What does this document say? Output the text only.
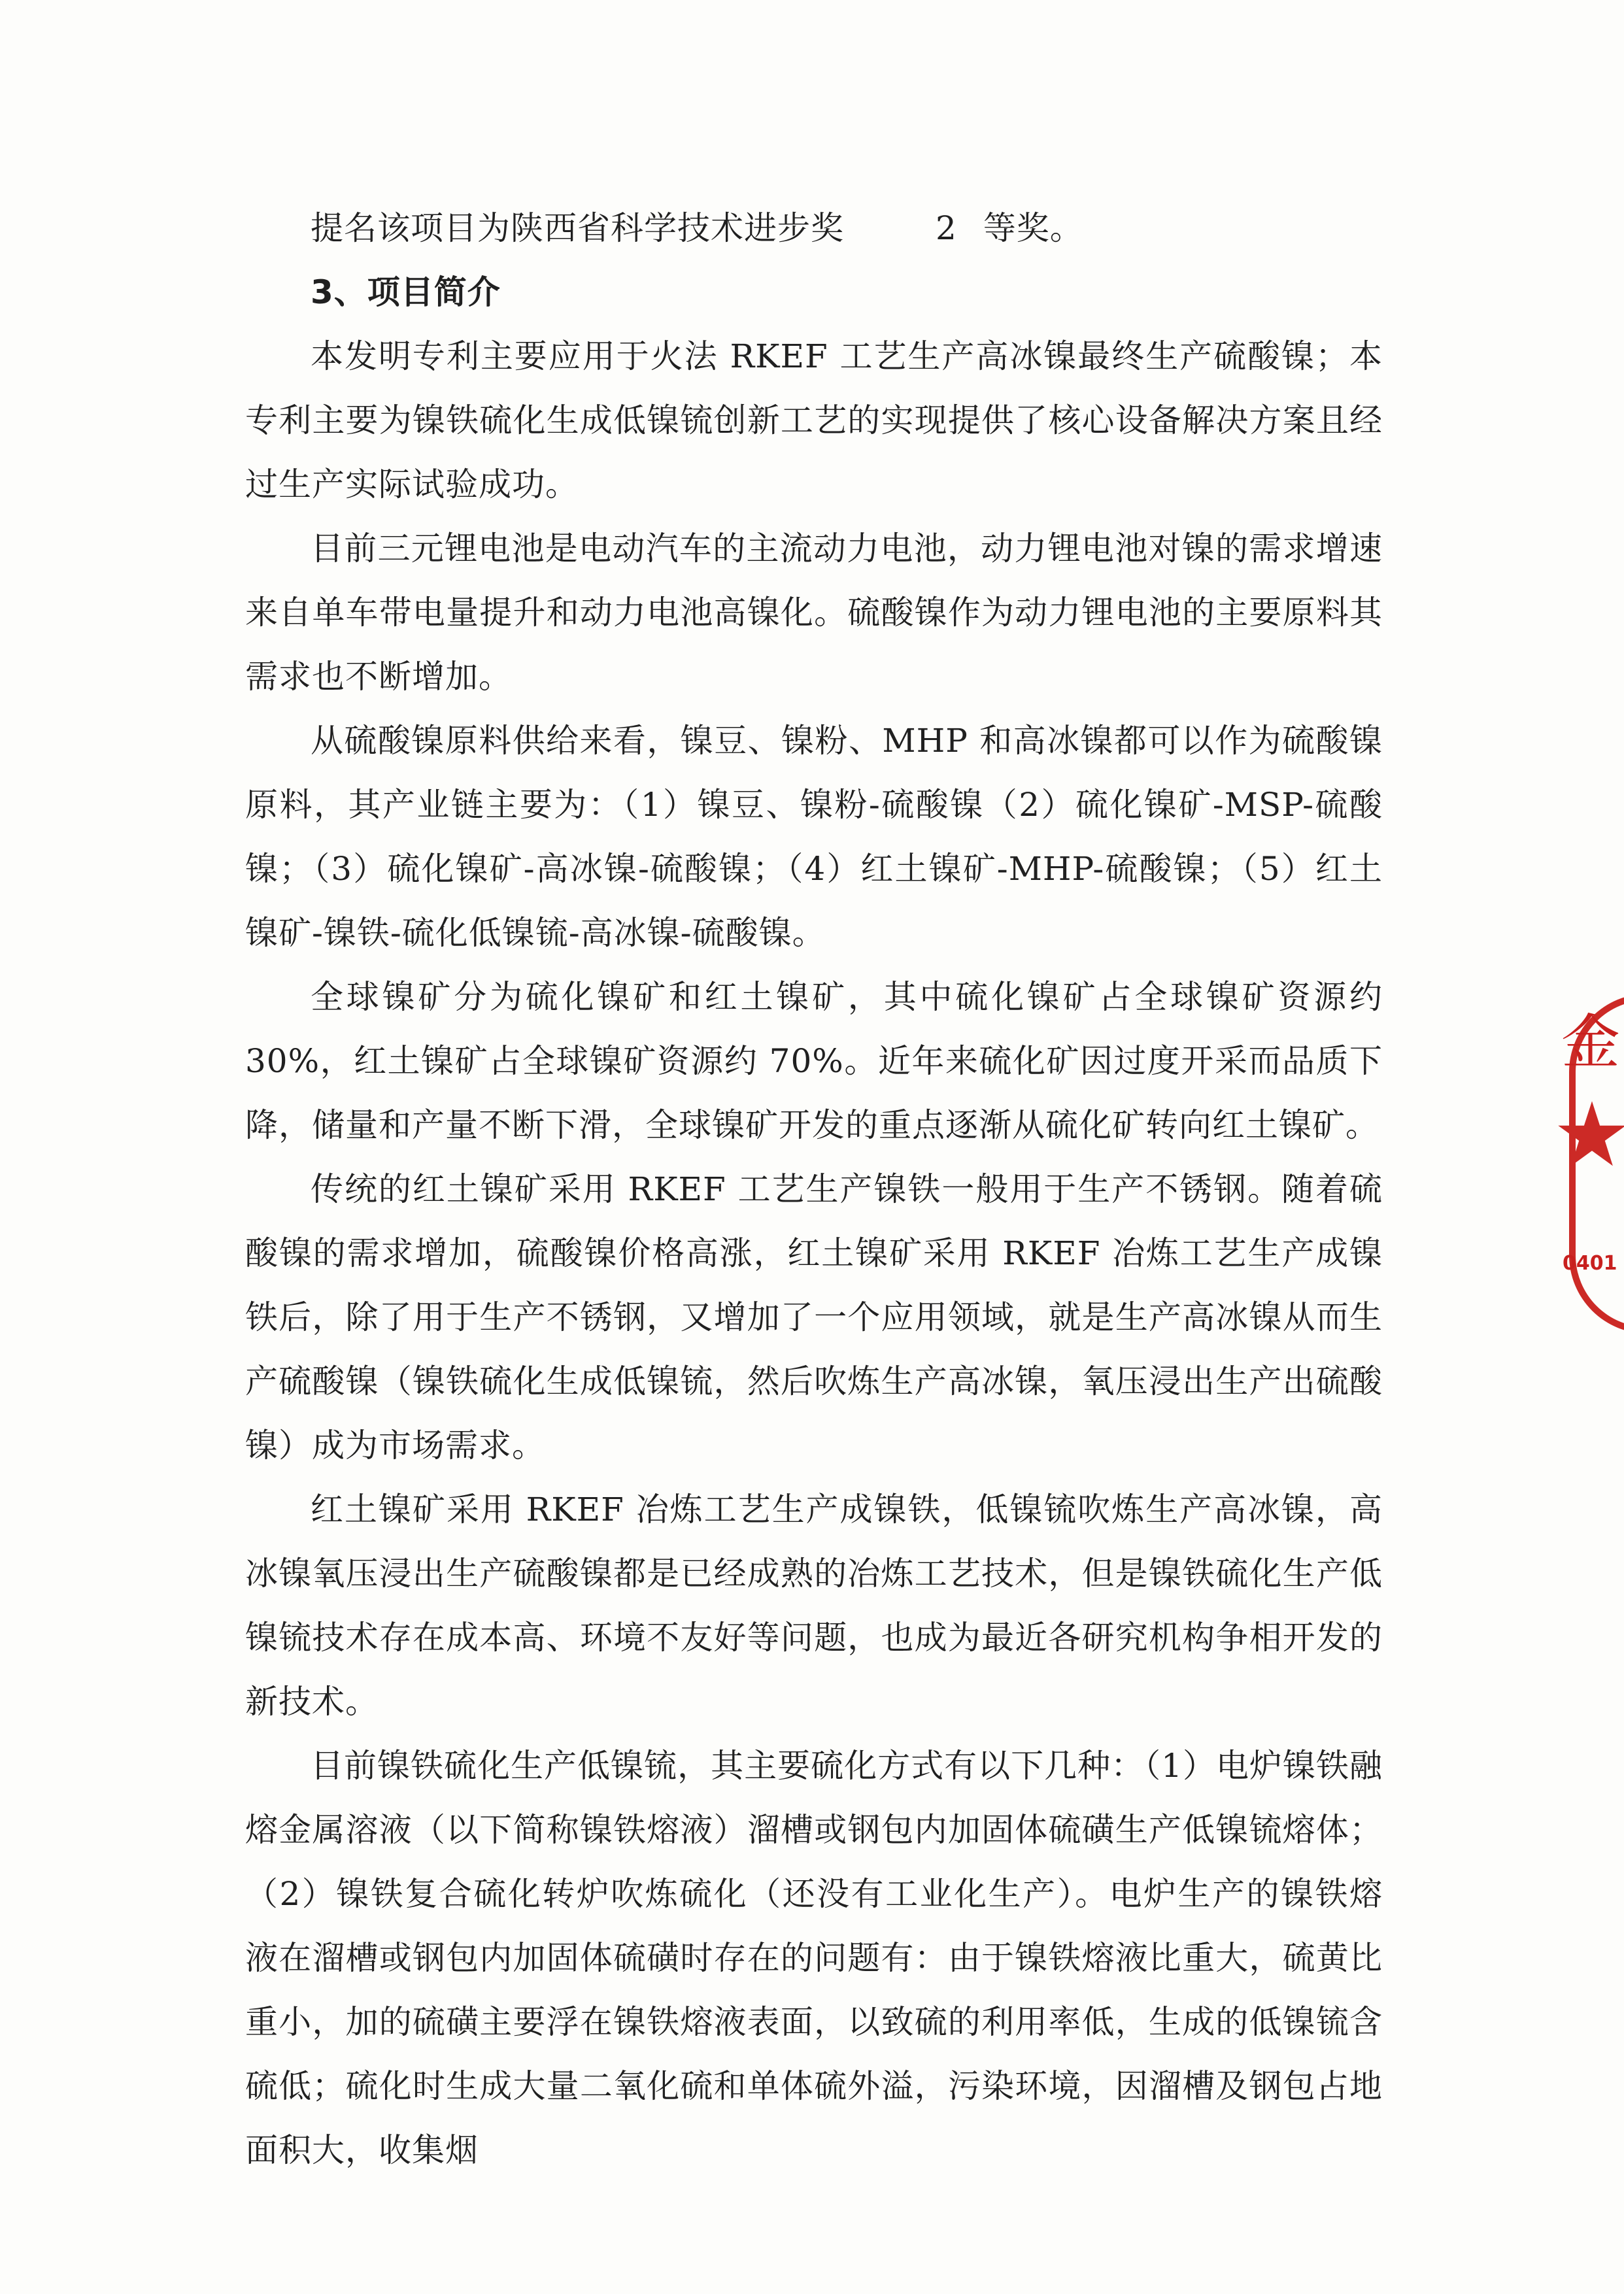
提名该项目为陕西省科学技术进步奖	2 等奖。

3、项目简介

本发明专利主要应用于火法 RKEF 工艺生产高冰镍最终生产硫酸镍；本专利主要为镍铁硫化生成低镍锍创新工艺的实现提供了核心设备解决方案且经过生产实际试验成功。

目前三元锂电池是电动汽车的主流动力电池，动力锂电池对镍的需求增速来自单车带电量提升和动力电池高镍化。硫酸镍作为动力锂电池的主要原料其需求也不断增加。

从硫酸镍原料供给来看，镍豆、镍粉、MHP 和高冰镍都可以作为硫酸镍原料，其产业链主要为：（1）镍豆、镍粉-硫酸镍（2）硫化镍矿-MSP-硫酸镍；（3）硫化镍矿-高冰镍-硫酸镍；（4）红土镍矿-MHP-硫酸镍；（5）红土镍矿-镍铁-硫化低镍锍-高冰镍-硫酸镍。

全球镍矿分为硫化镍矿和红土镍矿，其中硫化镍矿占全球镍矿资源约 30%，红土镍矿占全球镍矿资源约 70%。近年来硫化矿因过度开采而品质下降，储量和产量不断下滑，全球镍矿开发的重点逐渐从硫化矿转向红土镍矿。

传统的红土镍矿采用 RKEF 工艺生产镍铁一般用于生产不锈钢。随着硫酸镍的需求增加，硫酸镍价格高涨，红土镍矿采用 RKEF 冶炼工艺生产成镍铁后，除了用于生产不锈钢，又增加了一个应用领域，就是生产高冰镍从而生产硫酸镍（镍铁硫化生成低镍锍，然后吹炼生产高冰镍，氧压浸出生产出硫酸镍）成为市场需求。

红土镍矿采用 RKEF 冶炼工艺生产成镍铁，低镍锍吹炼生产高冰镍，高冰镍氧压浸出生产硫酸镍都是已经成熟的冶炼工艺技术，但是镍铁硫化生产低镍锍技术存在成本高、环境不友好等问题，也成为最近各研究机构争相开发的新技术。

目前镍铁硫化生产低镍锍，其主要硫化方式有以下几种：（1）电炉镍铁融熔金属溶液（以下简称镍铁熔液）溜槽或钢包内加固体硫磺生产低镍锍熔体；（2）镍铁复合硫化转炉吹炼硫化（还没有工业化生产）。电炉生产的镍铁熔液在溜槽或钢包内加固体硫磺时存在的问题有：由于镍铁熔液比重大，硫黄比重小，加的硫磺主要浮在镍铁熔液表面，以致硫的利用率低，生成的低镍锍含硫低；硫化时生成大量二氧化硫和单体硫外溢，污染环境，因溜槽及钢包占地面积大，收集烟

金
0401
